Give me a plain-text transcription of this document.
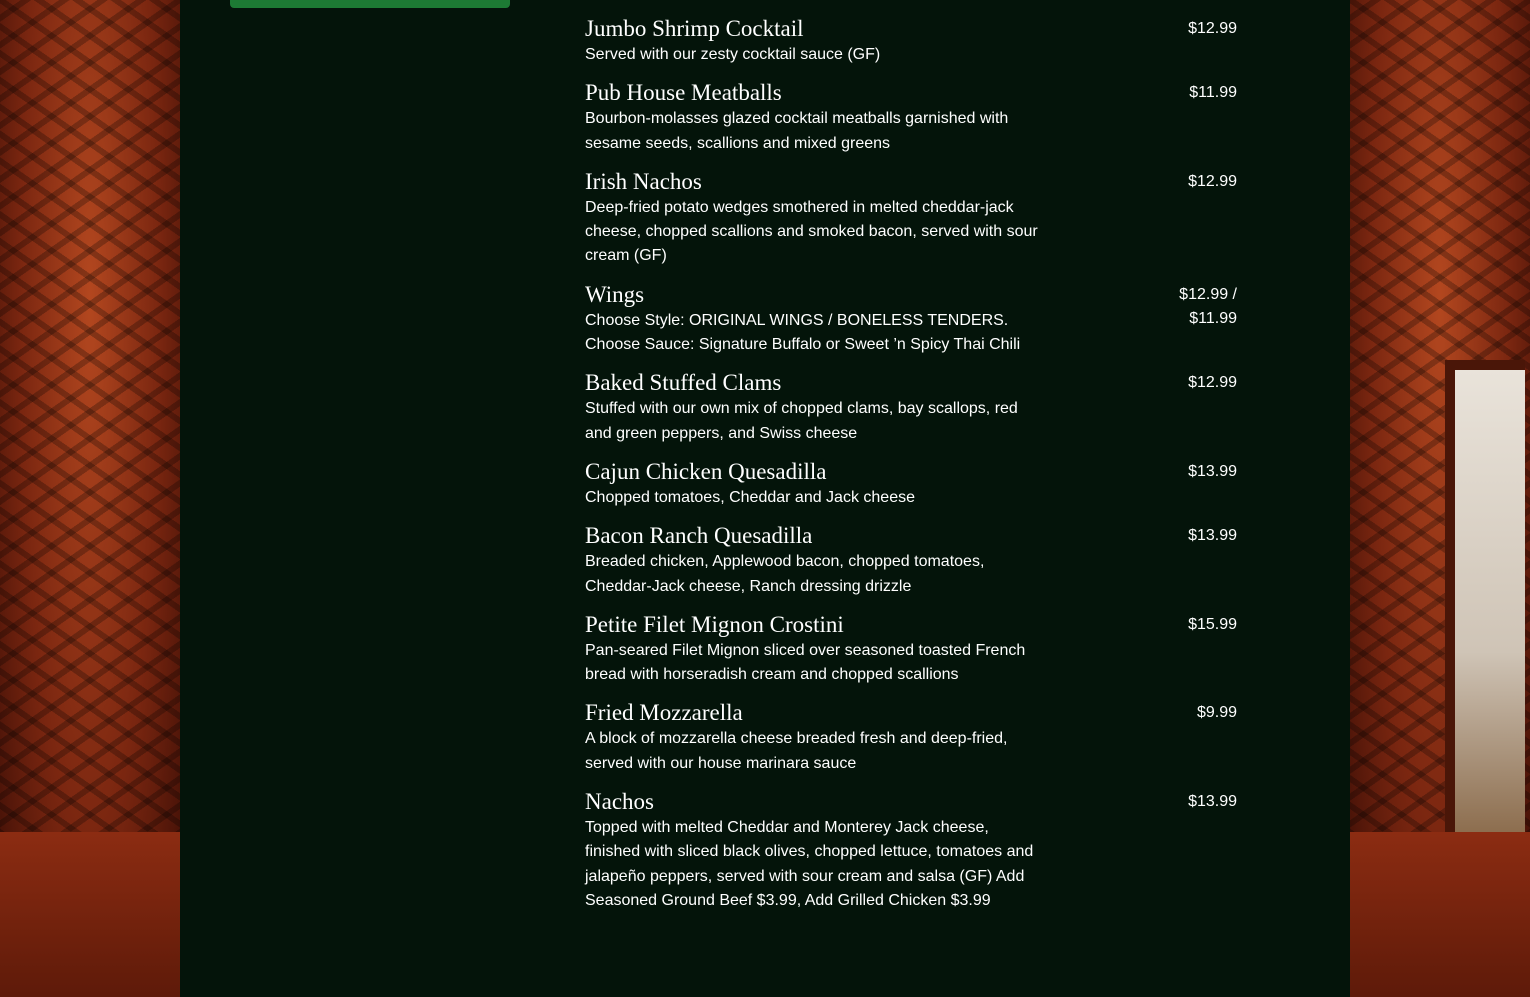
Jumbo Shrimp Cocktail
Served with our zesty cocktail sauce (GF)
$12.99
Pub House Meatballs
Bourbon-molasses glazed cocktail meatballs garnished with sesame seeds, scallions and mixed greens
$11.99
Irish Nachos
Deep-fried potato wedges smothered in melted cheddar-jack cheese, chopped scallions and smoked bacon, served with sour cream (GF)
$12.99
Wings
Choose Style: ORIGINAL WINGS / BONELESS TENDERS. Choose Sauce: Signature Buffalo or Sweet ’n Spicy Thai Chili
$12.99 / $11.99
Baked Stuffed Clams
Stuffed with our own mix of chopped clams, bay scallops, red and green peppers, and Swiss cheese
$12.99
Cajun Chicken Quesadilla
Chopped tomatoes, Cheddar and Jack cheese
$13.99
Bacon Ranch Quesadilla
Breaded chicken, Applewood bacon, chopped tomatoes, Cheddar-Jack cheese, Ranch dressing drizzle
$13.99
Petite Filet Mignon Crostini
Pan-seared Filet Mignon sliced over seasoned toasted French bread with horseradish cream and chopped scallions
$15.99
Fried Mozzarella
A block of mozzarella cheese breaded fresh and deep-fried, served with our house marinara sauce
$9.99
Nachos
Topped with melted Cheddar and Monterey Jack cheese, finished with sliced black olives, chopped lettuce, tomatoes and jalapeño peppers, served with sour cream and salsa (GF) Add Seasoned Ground Beef $3.99, Add Grilled Chicken $3.99
$13.99
